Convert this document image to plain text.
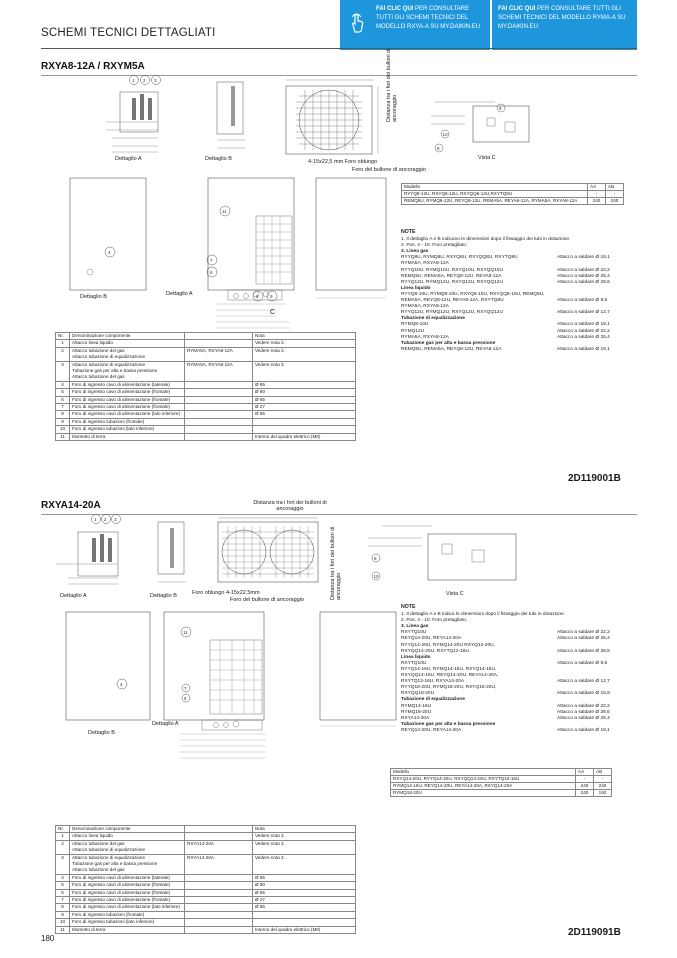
FAI CLIC QUI PER CONSULTARE TUTTI GLI SCHEMI TECNICI DEL MODELLO RXYA-A SU MY.DAIKIN.EU
FAI CLIC QUI PER CONSULTARE TUTTI GLI SCHEMI TECNICI DEL MODELLO RYMA-A SU MY.DAIKIN.EU
SCHEMI TECNICI DETTAGLIATI
RXYA8-12A / RXYM5A
1 2 3
Dettaglio A	Dettaglio B
Distanza tra i fori dei bulloni di ancoraggio
4-15x22,5 mm Foro oblungo
Foro del bullone di ancoraggio
8
10
8
Vista C
11
7
6
4
5	9
C
Dettaglio B	Dettaglio A
Modello	AA	AB
RYYQ8-12U, RXYQ8-12U, RXYQQ8-12U,RXYTQ8U	-	-
REMQ5U, RYMQ8-12U, REYQ8-12U, REMA5A, REYA8-12A, RYMA5A, RXYA8-12A	240	240
NOTE
1. Il dettaglio A e B indicano le dimensioni dopo il fissaggio dei tubi in dotazione.
2. Pos. 4 - 10: Foro pretagliato.
3. Linea gas
RYYQ8U, RYMQ8U, RXYQ8U, RXYQQ8U, RXYTQ8U	Attacco a saldare Ø 19,1
RYMA5A, RXYA8-12A
RYYQ10U, RYMQ10U, RXYQ10U, RXYQQ10U	Attacco a saldare Ø 22,2
REMQ5U, REMA5A, REYQ8-12U, REYA8-12A	Attacco a saldare Ø 25,4
RYYQ12U, RYMQ12U, RXYQ12U, RXYQQ12U	Attacco a saldare Ø 28,6
Linea liquido
RYYQ8-10U, RYMQ8-10U, RXYQ8-10U, RXYQQ8-10U, REMQ5U,
REMA5A, REYQ8-12U, REYA8-12A, RXYTQ8U	Attacco a saldare Ø 9,5
RYMA5A, RXYA8-12A
RYYQ12U, RYMQ12U, RXYQ12U, RXYQQ12U	Attacco a saldare Ø 12,7
Tubazione di equalizzazione
RYMQ8-10U	Attacco a saldare Ø 19,1
RYMQ12U	Attacco a saldare Ø 22,2
RYMA5A, RXYA8-12A	Attacco a saldare Ø 25,4
Tubazione gas per alta e bassa pressione
REMQ5U, REMA5A, REYQ8-12U, REYA8-12A	Attacco a saldare Ø 19,1
Nr.	Denominazione componente		Nota
1	Attacco linea liquido		Vedere nota 3.
2	Attacco tubazione del gas
Attacco tubazione di equalizzazione	RYMA5A, RXYA8-12A	Vedere nota 3.
3	Attacco tubazione di equalizzazione
Tubazione gas per alta e bassa pressione
Attacco tubazione del gas	RYMA5A, RXYA8-12A	Vedere nota 3.
4	Foro di ingresso cavo di alimentazione (laterale)		Ø 65
5	Foro di ingresso cavo di alimentazione (frontale)		Ø 80
6	Foro di ingresso cavo di alimentazione (frontale)		Ø 65
7	Foro di ingresso cavo di alimentazione (frontale)		Ø 27
8	Foro di ingresso cavo di alimentazione (lato inferiore)		Ø 65
9	Foro di ingresso tubazioni (frontale)		
10	Foro di ingresso tubazioni (lato inferiore)		
11	Morsetto di terra		Interno del quadro elettrico (M8)
2D119001B
RXYA14-20A
1 2 3
Dettaglio A	Dettaglio B
Distanza tra i fori dei bulloni di ancoraggio
Distanza tra i fori dei bulloni di ancoraggio
Foro oblungo 4-15x22,5mm
Foro del bullone di ancoraggio
8
10
Vista C
11
7
6
4
Dettaglio A
Dettaglio B
NOTE
1. Il dettaglio A e B indica le dimensioni dopo il fissaggio dei tubi in dotazione.
2. Pos. 4 - 10: Foro pretagliato.
3. Linea gas
RXYTQ10U	Attacco a saldare Ø 22,2
REYQ14-20U, REYA14-20A	Attacco a saldare Ø 25,4
RYYQ14-20U, RYMQ14-20U RXYQ14-20U,
RXYQQ14-20U, RXYTQ12-16U	Attacco a saldare Ø 28,6
Linea liquido
RXYTQ10U	Attacco a saldare Ø 9,5
RYYQ14-16U, RYMQ14-16U, RXYQ14-16U,
RXYQQ14-16U, REYQ14-20U, REYA14-20A,
RXYTQ12-16U, RXYA14-20A	Attacco a saldare Ø 12,7
RYYQ18-20U, RYMQ18-20U, RXYQ18-20U,
RXYQQ18-20U	Attacco a saldare Ø 15,9
Tubazione di equalizzazione
RYMQ14-16U	Attacco a saldare Ø 22,2
RYMQ18-20U	Attacco a saldare Ø 28,6
RXYA14-20A	Attacco a saldare Ø 25,4
Tubazione gas per alta e bassa pressione
REYQ14-20U, REYA14-20A	Attacco a saldare Ø 19,1
Modello	AA	AB
RXYQ14-20U, RYYQ14-20U, RXYQQ14-20U, RXYTQ10-16U	-	-
RYMQ14-16U, REYQ14-20U, REYA14-20A, RXYQ14-20A	240	240
RYMQ18-20U	240	192
Nr.	Denominazione componente		Nota
1	Attacco linea liquido		Vedere nota 3.
2	Attacco tubazione del gas
Attacco tubazione di equalizzazione	RXYA14-20A	Vedere nota 3.
3	Attacco tubazione di equalizzazione
Tubazione gas per alta e bassa pressione
Attacco tubazione del gas	RXYA14-20A	Vedere nota 3.
4	Foro di ingresso cavo di alimentazione (laterale)		Ø 65
5	Foro di ingresso cavo di alimentazione (frontale)		Ø 80
6	Foro di ingresso cavo di alimentazione (frontale)		Ø 65
7	Foro di ingresso cavo di alimentazione (frontale)		Ø 27
8	Foro di ingresso cavo di alimentazione (lato inferiore)		Ø 65
9	Foro di ingresso tubazioni (frontale)		
10	Foro di ingresso tubazioni (lato inferiore)		
11	Morsetto di terra		Interno del quadro elettrico (M8)	2D119091B
180
